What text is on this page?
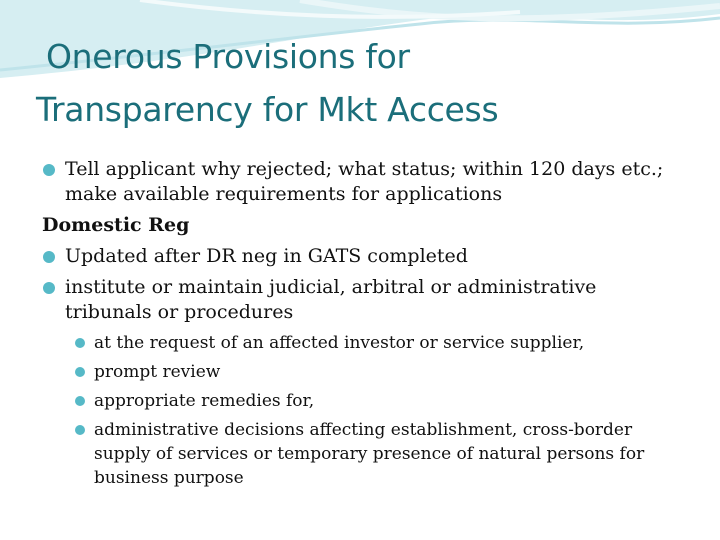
Onerous Provisions for
Transparency for Mkt Access
Tell applicant why rejected; what status; within 120 days etc.; make available requirements for applications
Domestic Reg
Updated after DR neg in GATS completed
institute or maintain judicial, arbitral or administrative tribunals or procedures
at the request of an affected investor or service supplier,
prompt review
appropriate remedies for,
administrative decisions affecting establishment, cross-border supply of services or temporary presence of natural persons for business purpose
